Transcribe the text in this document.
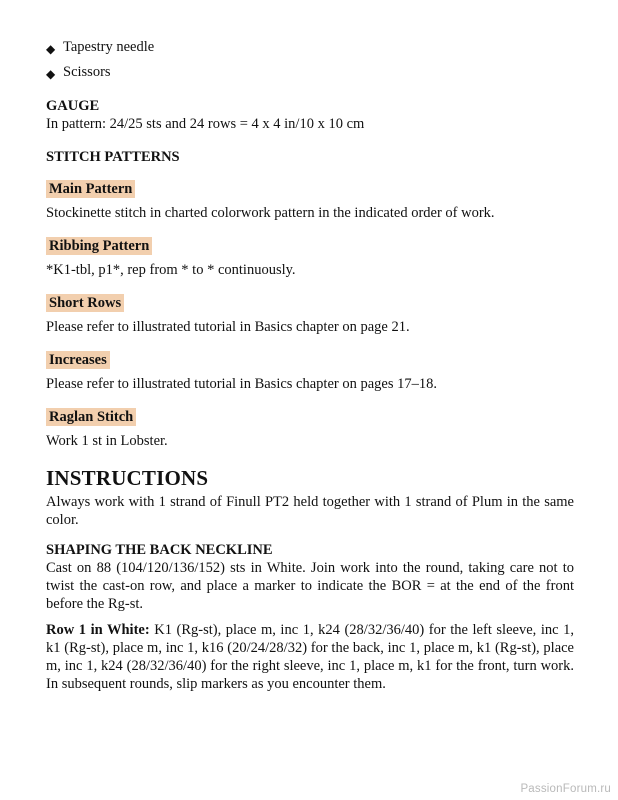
◆ Tapestry needle
◆ Scissors

GAUGE

In pattern: 24/25 sts and 24 rows = 4 x 4 in/10 x 10 cm

STITCH PATTERNS

Main Pattern

Stockinette stitch in charted colorwork pattern in the indicated order of work.

Ribbing Pattern

*K1-tbl, p1*, rep from * to * continuously.

Short Rows

Please refer to illustrated tutorial in Basics chapter on page 21.

Increases

Please refer to illustrated tutorial in Basics chapter on pages 17–18.

Raglan Stitch

Work 1 st in Lobster.

INSTRUCTIONS

Always work with 1 strand of Finull PT2 held together with 1 strand of Plum in the same color.

SHAPING THE BACK NECKLINE

Cast on 88 (104/120/136/152) sts in White. Join work into the round, taking care not to twist the cast-on row, and place a marker to indicate the BOR = at the end of the front before the Rg-st.

Row 1 in White: K1 (Rg-st), place m, inc 1, k24 (28/32/36/40) for the left sleeve, inc 1, k1 (Rg-st), place m, inc 1, k16 (20/24/28/32) for the back, inc 1, place m, k1 (Rg-st), place m, inc 1, k24 (28/32/36/40) for the right sleeve, inc 1, place m, k1 for the front, turn work. In subsequent rounds, slip markers as you encounter them.

PassionForum.ru
